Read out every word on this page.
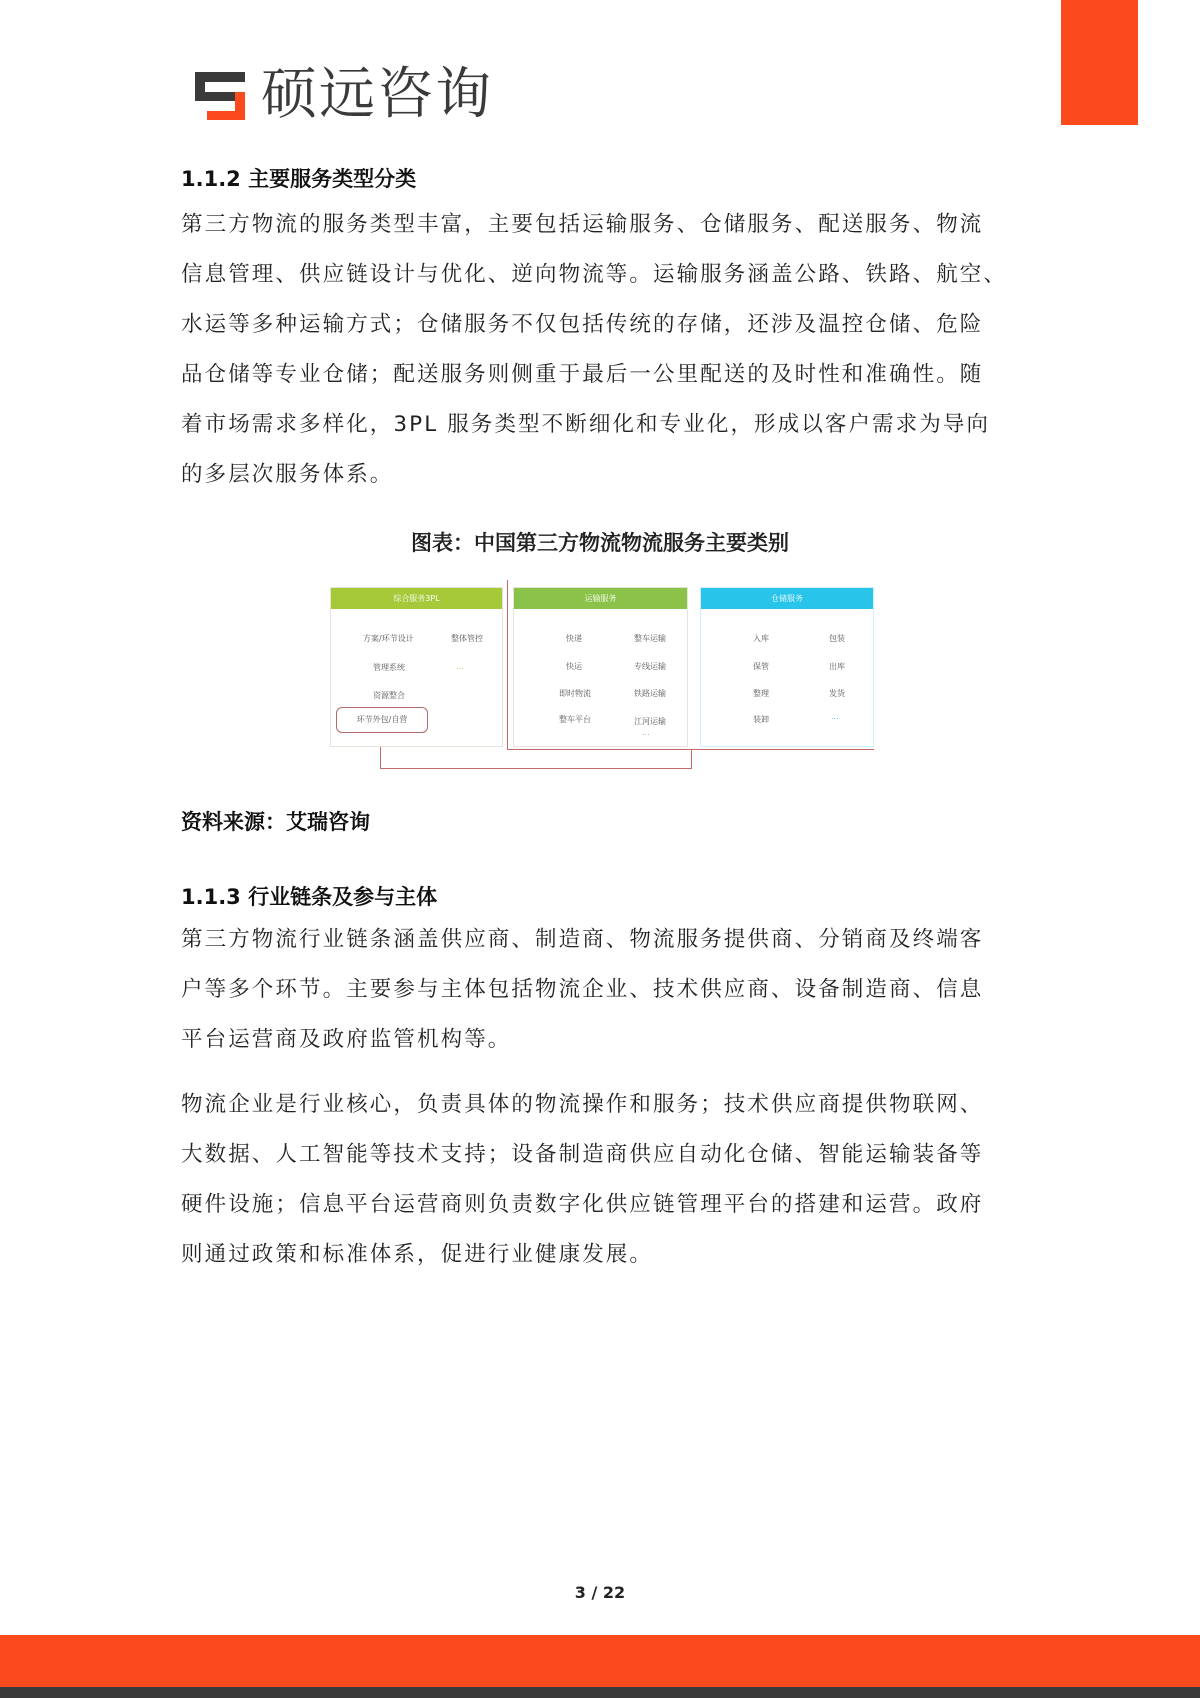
硕远咨询
1.1.2 主要服务类型分类
第三方物流的服务类型丰富，主要包括运输服务、仓储服务、配送服务、物流
信息管理、供应链设计与优化、逆向物流等。运输服务涵盖公路、铁路、航空、
水运等多种运输方式；仓储服务不仅包括传统的存储，还涉及温控仓储、危险
品仓储等专业仓储；配送服务则侧重于最后一公里配送的及时性和准确性。随
着市场需求多样化，3PL 服务类型不断细化和专业化，形成以客户需求为导向
的多层次服务体系。
图表：中国第三方物流物流服务主要类别
综合服务3PL
方案/环节设计	整体管控
管理系统	...
资源整合
环节外包/自营
运输服务
快递	整车运输
快运	专线运输
即时物流	铁路运输
整车平台	江河运输
...
仓储服务
入库	包装
保管	出库
整理	发货
装卸	...
资料来源：艾瑞咨询
1.1.3 行业链条及参与主体
第三方物流行业链条涵盖供应商、制造商、物流服务提供商、分销商及终端客
户等多个环节。主要参与主体包括物流企业、技术供应商、设备制造商、信息
平台运营商及政府监管机构等。
物流企业是行业核心，负责具体的物流操作和服务；技术供应商提供物联网、
大数据、人工智能等技术支持；设备制造商供应自动化仓储、智能运输装备等
硬件设施；信息平台运营商则负责数字化供应链管理平台的搭建和运营。政府
则通过政策和标准体系，促进行业健康发展。
3 / 22
